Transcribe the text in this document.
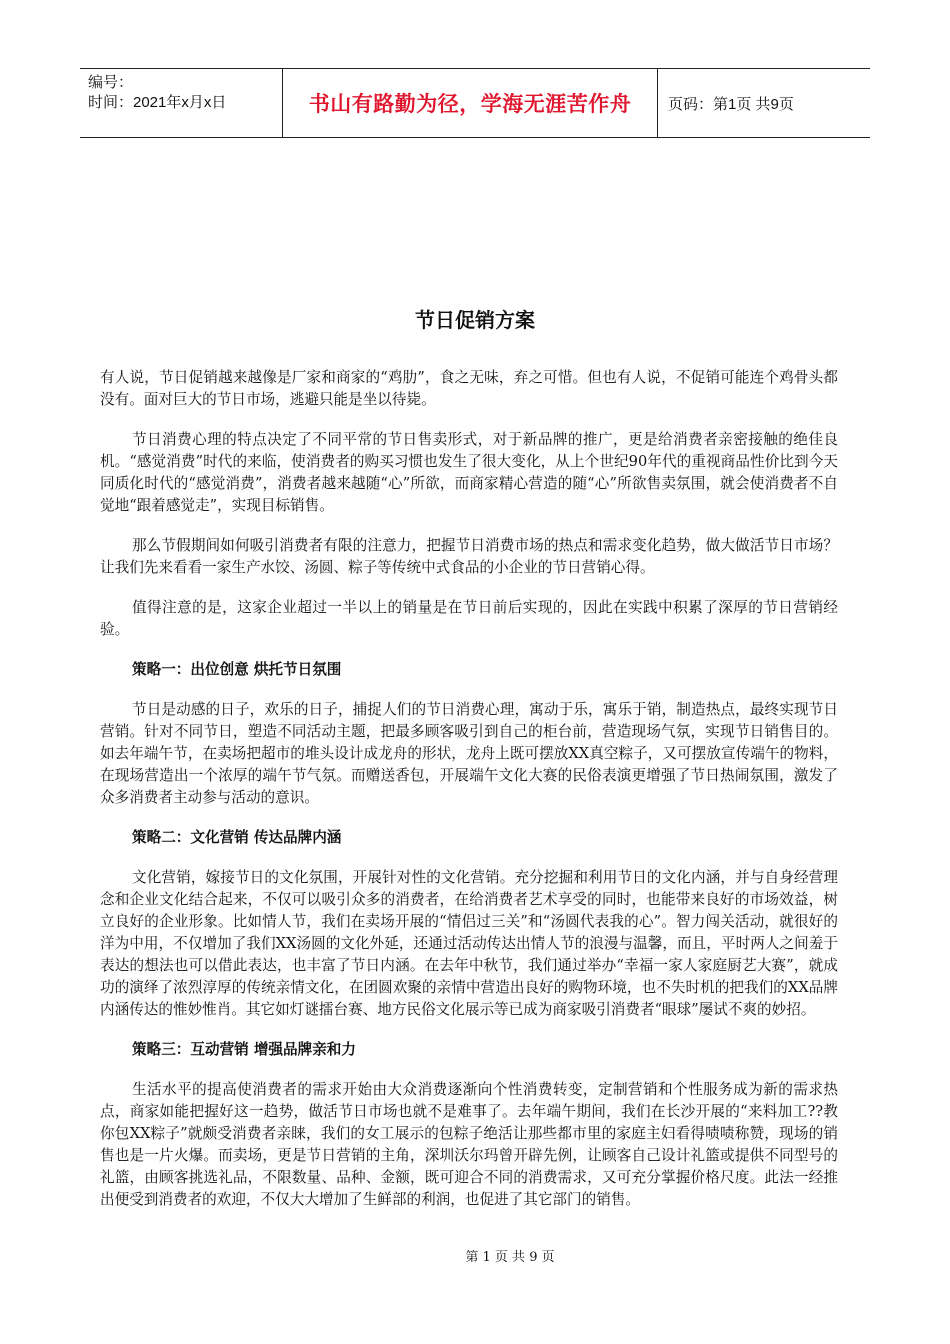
编号：
时间：2021年x月x日	书山有路勤为径，学海无涯苦作舟	页码：第1页 共9页
节日促销方案

有人说，节日促销越来越像是厂家和商家的“鸡肋”，食之无味，弃之可惜。但也有人说，不促销可能连个鸡骨头都没有。面对巨大的节日市场，逃避只能是坐以待毙。

节日消费心理的特点决定了不同平常的节日售卖形式，对于新品牌的推广，更是给消费者亲密接触的绝佳良机。“感觉消费”时代的来临，使消费者的购买习惯也发生了很大变化，从上个世纪90年代的重视商品性价比到今天同质化时代的“感觉消费”，消费者越来越随“心”所欲，而商家精心营造的随“心”所欲售卖氛围，就会使消费者不自觉地“跟着感觉走”，实现目标销售。

那么节假期间如何吸引消费者有限的注意力，把握节日消费市场的热点和需求变化趋势，做大做活节日市场？让我们先来看看一家生产水饺、汤圆、粽子等传统中式食品的小企业的节日营销心得。

值得注意的是，这家企业超过一半以上的销量是在节日前后实现的，因此在实践中积累了深厚的节日营销经验。

策略一：出位创意 烘托节日氛围

节日是动感的日子，欢乐的日子，捕捉人们的节日消费心理，寓动于乐，寓乐于销，制造热点，最终实现节日营销。针对不同节日，塑造不同活动主题，把最多顾客吸引到自己的柜台前，营造现场气氛，实现节日销售目的。如去年端午节，在卖场把超市的堆头设计成龙舟的形状，龙舟上既可摆放XX真空粽子，又可摆放宣传端午的物料，在现场营造出一个浓厚的端午节气氛。而赠送香包，开展端午文化大赛的民俗表演更增强了节日热闹氛围，激发了众多消费者主动参与活动的意识。

策略二：文化营销 传达品牌内涵

文化营销，嫁接节日的文化氛围，开展针对性的文化营销。充分挖掘和利用节日的文化内涵，并与自身经营理念和企业文化结合起来，不仅可以吸引众多的消费者，在给消费者艺术享受的同时，也能带来良好的市场效益，树立良好的企业形象。比如情人节，我们在卖场开展的“情侣过三关”和“汤圆代表我的心”。智力闯关活动，就很好的洋为中用，不仅增加了我们XX汤圆的文化外延，还通过活动传达出情人节的浪漫与温馨，而且，平时两人之间羞于表达的想法也可以借此表达，也丰富了节日内涵。在去年中秋节，我们通过举办“幸福一家人家庭厨艺大赛”，就成功的演绎了浓烈淳厚的传统亲情文化，在团圆欢聚的亲情中营造出良好的购物环境，也不失时机的把我们的XX品牌内涵传达的惟妙惟肖。其它如灯谜擂台赛、地方民俗文化展示等已成为商家吸引消费者“眼球”屡试不爽的妙招。

策略三：互动营销 增强品牌亲和力

生活水平的提高使消费者的需求开始由大众消费逐渐向个性消费转变，定制营销和个性服务成为新的需求热点，商家如能把握好这一趋势，做活节日市场也就不是难事了。去年端午期间，我们在长沙开展的“来料加工??教你包XX粽子”就颇受消费者亲睐，我们的女工展示的包粽子绝活让那些都市里的家庭主妇看得啧啧称赞，现场的销售也是一片火爆。而卖场，更是节日营销的主角，深圳沃尔玛曾开辟先例，让顾客自己设计礼篮或提供不同型号的礼篮，由顾客挑选礼品，不限数量、品种、金额，既可迎合不同的消费需求，又可充分掌握价格尺度。此法一经推出便受到消费者的欢迎，不仅大大增加了生鲜部的利润，也促进了其它部门的销售。

第 1 页 共 9 页
